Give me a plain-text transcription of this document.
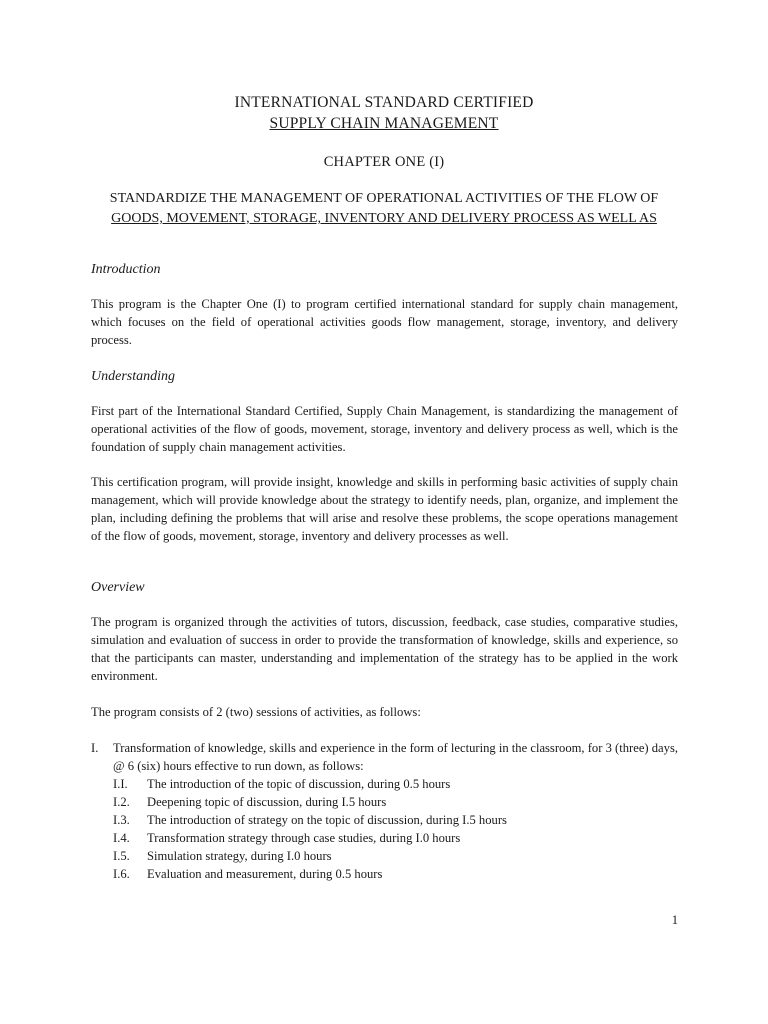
INTERNATIONAL STANDARD CERTIFIED
SUPPLY CHAIN MANAGEMENT
CHAPTER ONE (I)
STANDARDIZE THE MANAGEMENT OF OPERATIONAL ACTIVITIES OF THE FLOW OF
GOODS, MOVEMENT, STORAGE, INVENTORY AND DELIVERY PROCESS AS WELL AS
Introduction

This program is the Chapter One (I) to program certified international standard for supply chain management, which focuses on the field of operational activities goods flow management, storage, inventory, and delivery process.

Understanding

First part of the International Standard Certified, Supply Chain Management, is standardizing the management of operational activities of the flow of goods, movement, storage, inventory and delivery process as well, which is the foundation of supply chain management activities.

This certification program, will provide insight, knowledge and skills in performing basic activities of supply chain management, which will provide knowledge about the strategy to identify needs, plan, organize, and implement the plan, including defining the problems that will arise and resolve these problems, the scope operations management of the flow of goods, movement, storage, inventory and delivery processes as well.

Overview

The program is organized through the activities of tutors, discussion, feedback, case studies, comparative studies, simulation and evaluation of success in order to provide the transformation of knowledge, skills and experience, so that the participants can master, understanding and implementation of the strategy has to be applied in the work environment.

The program consists of 2 (two) sessions of activities, as follows:

I.	Transformation of knowledge, skills and experience in the form of lecturing in the classroom, for 3 (three) days, @ 6 (six) hours effective to run down, as follows:
I.I.	The introduction of the topic of discussion, during 0.5 hours
I.2.	Deepening topic of discussion, during I.5 hours
I.3.	The introduction of strategy on the topic of discussion, during I.5 hours
I.4.	Transformation strategy through case studies, during I.0 hours
I.5.	Simulation strategy, during I.0 hours
I.6.	Evaluation and measurement, during 0.5 hours
1
